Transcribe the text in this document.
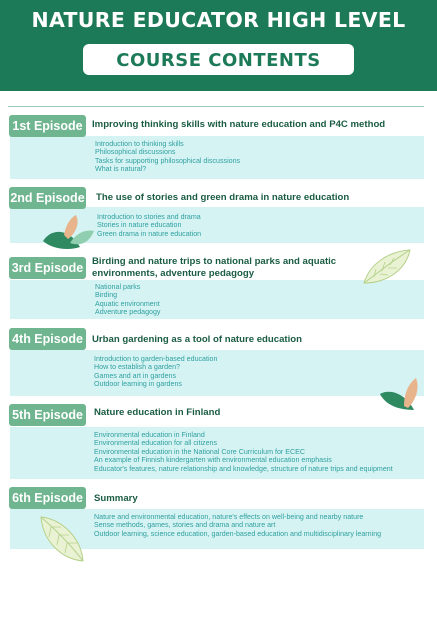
NATURE EDUCATOR HIGH LEVEL
COURSE CONTENTS
1st Episode Improving thinking skills with nature education and P4C method
Introduction to thinking skills
Philosophical discussions
Tasks for supporting philosophical discussions
What is natural?
2nd Episode The use of stories and green drama in nature education
Introduction to stories and drama
Stories in nature education
Green drama in nature education
3rd Episode Birding and nature trips to national parks and aquatic environments, adventure pedagogy
National parks
Birding
Aquatic environment
Adventure pedagogy
4th Episode Urban gardening as a tool of nature education
Introduction to garden-based education
How to establish a garden?
Games and art in gardens
Outdoor learning in gardens
5th Episode	Nature education in Finland
Environmental education in Finland
Environmental education for all citizens
Environmental education in the National Core Curriculum for ECEC
An example of Finnish kindergarten with environmental education emphasis
Educator's features, nature relationship and knowledge, structure of nature trips and equipment
6th Episode	Summary
Nature and environmental education, nature's effects on well-being and nearby nature
Sense methods, games, stories and drama and nature art
Outdoor learning, science education, garden-based education and multidisciplinary learning
